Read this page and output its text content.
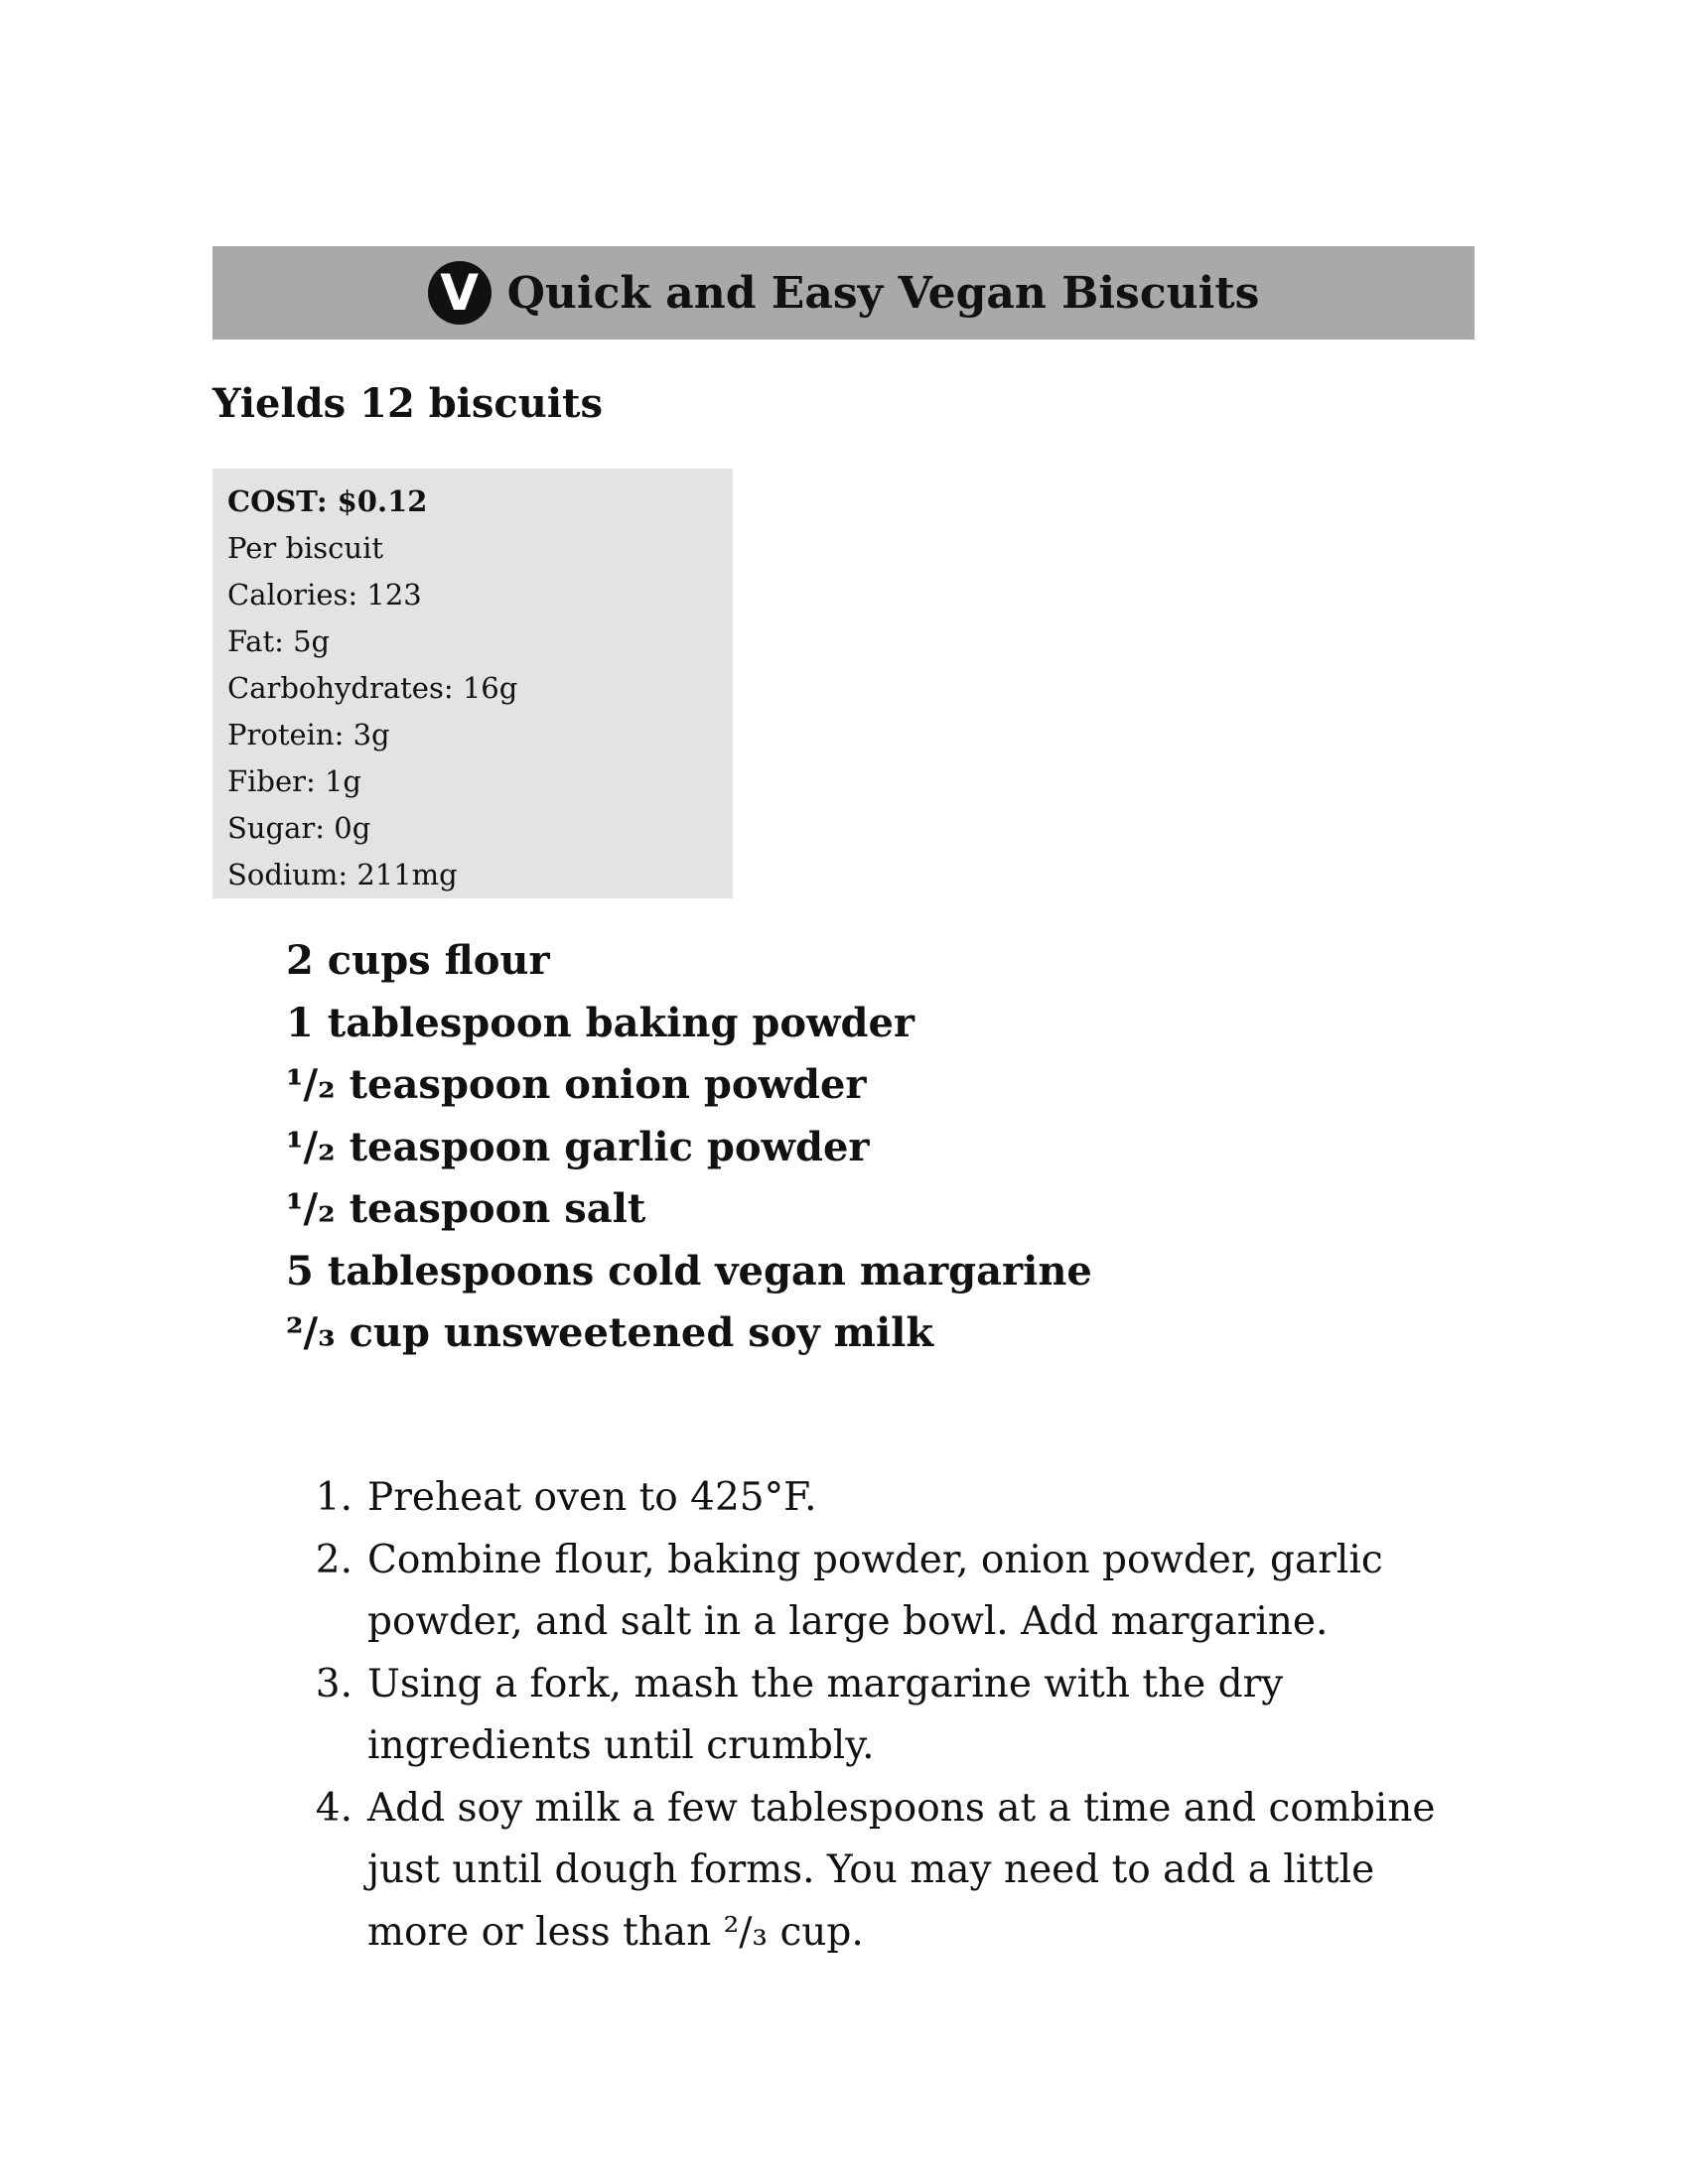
V Quick and Easy Vegan Biscuits
Yields 12 biscuits
COST: $0.12
Per biscuit
Calories: 123
Fat: 5g
Carbohydrates: 16g
Protein: 3g
Fiber: 1g
Sugar: 0g
Sodium: 211mg
2 cups flour
1 tablespoon baking powder
¹/₂ teaspoon onion powder
¹/₂ teaspoon garlic powder
¹/₂ teaspoon salt
5 tablespoons cold vegan margarine
²/₃ cup unsweetened soy milk
1. Preheat oven to 425°F.
2. Combine flour, baking powder, onion powder, garlic powder, and salt in a large bowl. Add margarine.
3. Using a fork, mash the margarine with the dry ingredients until crumbly.
4. Add soy milk a few tablespoons at a time and combine just until dough forms. You may need to add a little more or less than ²/₃ cup.
